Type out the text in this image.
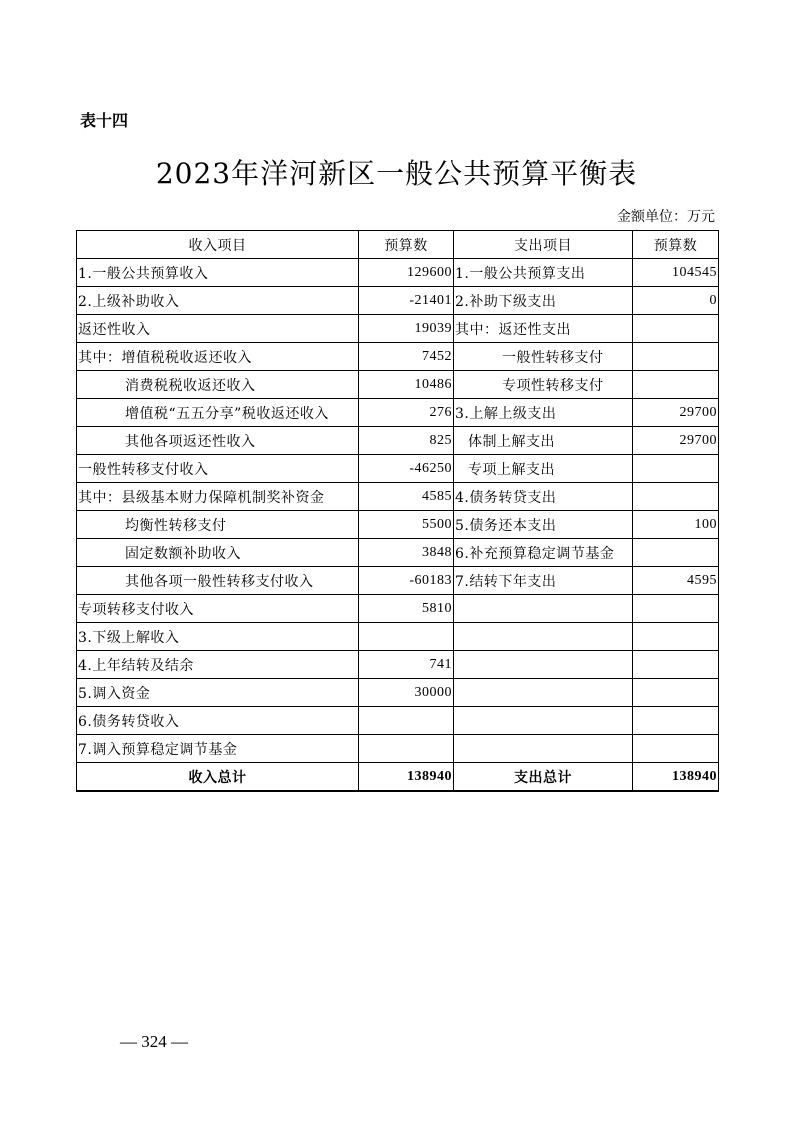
表十四
2023年洋河新区一般公共预算平衡表
金额单位：万元
收入项目	预算数	支出项目	预算数
1.一般公共预算收入	129600	1.一般公共预算支出	104545
2.上级补助收入	-21401	2.补助下级支出	0
返还性收入	19039	其中：返还性支出	
其中：增值税税收返还收入	7452	一般性转移支付	
消费税税收返还收入	10486	专项性转移支付	
增值税“五五分享”税收返还收入	276	3.上解上级支出	29700
其他各项返还性收入	825	体制上解支出	29700
一般性转移支付收入	-46250	专项上解支出	
其中：县级基本财力保障机制奖补资金	4585	4.债务转贷支出	
均衡性转移支付	5500	5.债务还本支出	100
固定数额补助收入	3848	6.补充预算稳定调节基金	
其他各项一般性转移支付收入	-60183	7.结转下年支出	4595
专项转移支付收入	5810		
3.下级上解收入			
4.上年结转及结余	741		
5.调入资金	30000		
6.债务转贷收入			
7.调入预算稳定调节基金			
收入总计	138940	支出总计	138940
— 324 —
